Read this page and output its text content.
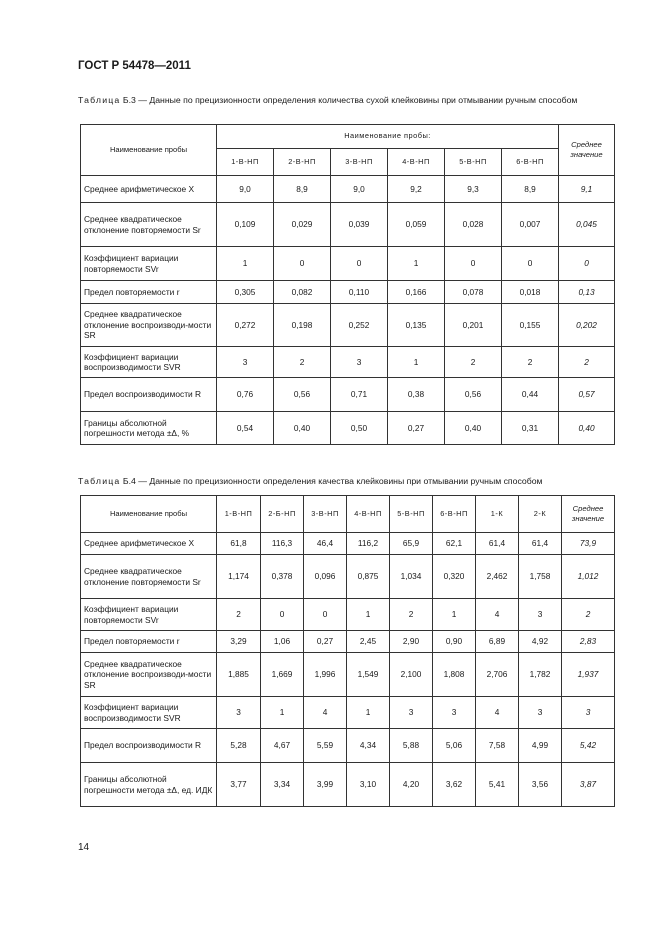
ГОСТ Р 54478—2011
Таблица Б.3 — Данные по прецизионности определения количества сухой клейковины при отмывании ручным способом
Наименование пробы	Наименование пробы:						Среднее значение
	1-В-НП	2-В-НП	3-В-НП	4-В-НП	5-В-НП	6-В-НП	
Среднее арифметическое X	9,0	8,9	9,0	9,2	9,3	8,9	9,1
Среднее квадратическое отклонение повторяемости Sr	0,109	0,029	0,039	0,059	0,028	0,007	0,045
Коэффициент вариации повторяемости SVr	1	0	0	1	0	0	0
Предел повторяемости r	0,305	0,082	0,110	0,166	0,078	0,018	0,13
Среднее квадратическое отклонение воспроизводи-мости SR	0,272	0,198	0,252	0,135	0,201	0,155	0,202
Коэффициент вариации воспроизводимости SVR	3	2	3	1	2	2	2
Предел воспроизводимости R	0,76	0,56	0,71	0,38	0,56	0,44	0,57
Границы абсолютной погрешности метода ±Δ, %	0,54	0,40	0,50	0,27	0,40	0,31	0,40
Таблица Б.4 — Данные по прецизионности определения качества клейковины при отмывании ручным способом
Наименование пробы	1-В-НП	2-Б-НП	3-В-НП	4-В-НП	5-В-НП	6-В-НП	1-К	2-К	Среднее значение
Среднее арифметическое X	61,8	116,3	46,4	116,2	65,9	62,1	61,4	61,4	73,9
Среднее квадратическое отклонение повторяемости Sr	1,174	0,378	0,096	0,875	1,034	0,320	2,462	1,758	1,012
Коэффициент вариации повторяемости SVr	2	0	0	1	2	1	4	3	2
Предел повторяемости r	3,29	1,06	0,27	2,45	2,90	0,90	6,89	4,92	2,83
Среднее квадратическое отклонение воспроизводи-мости SR	1,885	1,669	1,996	1,549	2,100	1,808	2,706	1,782	1,937
Коэффициент вариации воспроизводимости SVR	3	1	4	1	3	3	4	3	3
Предел воспроизводимости R	5,28	4,67	5,59	4,34	5,88	5,06	7,58	4,99	5,42
Границы абсолютной погрешности метода ±Δ, ед. ИДК	3,77	3,34	3,99	3,10	4,20	3,62	5,41	3,56	3,87
14
